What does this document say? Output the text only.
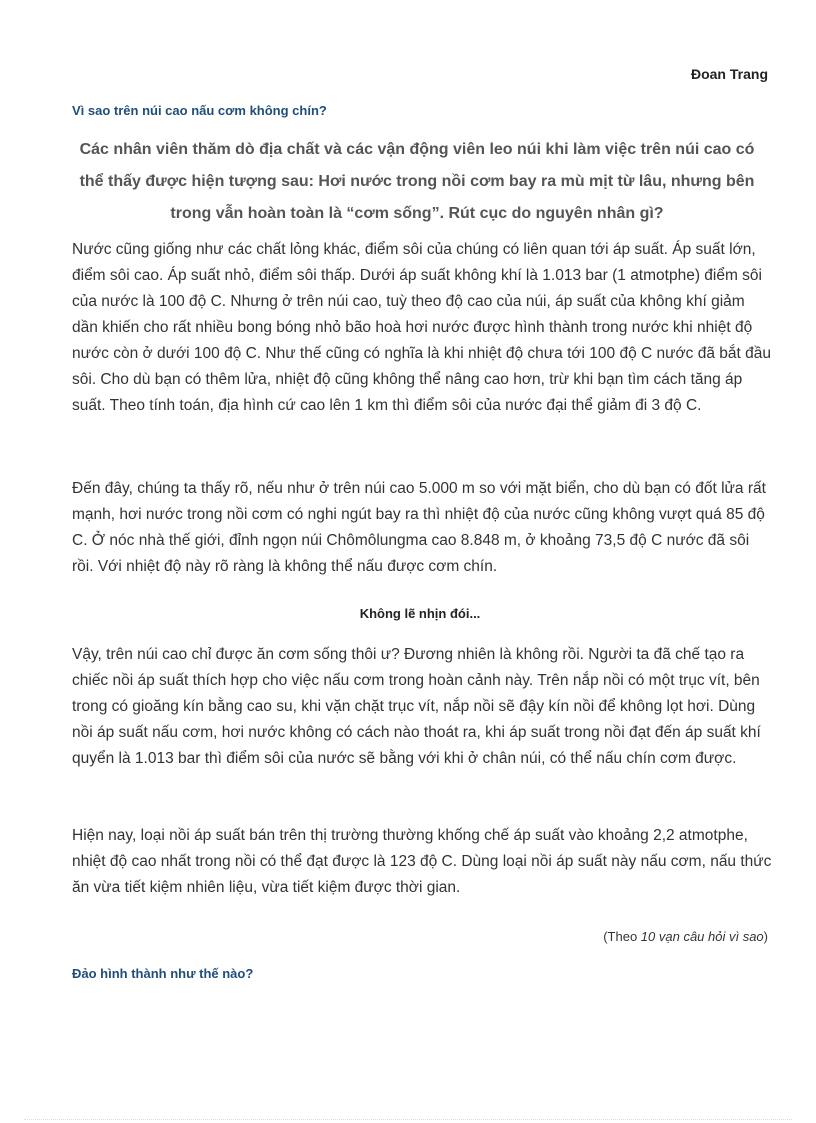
Đoan Trang
Vì sao trên núi cao nấu cơm không chín?
Các nhân viên thăm dò địa chất và các vận động viên leo núi khi làm việc trên núi cao có thể thấy được hiện tượng sau: Hơi nước trong nồi cơm bay ra mù mịt từ lâu, nhưng bên trong vẫn hoàn toàn là “cơm sống”. Rút cục do nguyên nhân gì?
Nước cũng giống như các chất lỏng khác, điểm sôi của chúng có liên quan tới áp suất. Áp suất lớn, điểm sôi cao. Áp suất nhỏ, điểm sôi thấp. Dưới áp suất không khí là 1.013 bar (1 atmotphe) điểm sôi của nước là 100 độ C. Nhưng ở trên núi cao, tuỳ theo độ cao của núi, áp suất của không khí giảm dần khiến cho rất nhiều bong bóng nhỏ bão hoà hơi nước được hình thành trong nước khi nhiệt độ nước còn ở dưới 100 độ C. Như thế cũng có nghĩa là khi nhiệt độ chưa tới 100 độ C nước đã bắt đầu sôi. Cho dù bạn có thêm lửa, nhiệt độ cũng không thể nâng cao hơn, trừ khi bạn tìm cách tăng áp suất. Theo tính toán, địa hình cứ cao lên 1 km thì điểm sôi của nước đại thể giảm đi 3 độ C.
Đến đây, chúng ta thấy rõ, nếu như ở trên núi cao 5.000 m so với mặt biển, cho dù bạn có đốt lửa rất mạnh, hơi nước trong nồi cơm có nghi ngút bay ra thì nhiệt độ của nước cũng không vượt quá 85 độ C. Ở nóc nhà thế giới, đỉnh ngọn núi Chômôlungma cao 8.848 m, ở khoảng 73,5 độ C nước đã sôi rồi. Với nhiệt độ này rõ ràng là không thể nấu được cơm chín.
Không lẽ nhịn đói...
Vậy, trên núi cao chỉ được ăn cơm sống thôi ư? Đương nhiên là không rồi. Người ta đã chế tạo ra chiếc nồi áp suất thích hợp cho việc nấu cơm trong hoàn cảnh này. Trên nắp nồi có một trục vít, bên trong có gioăng kín bằng cao su, khi vặn chặt trục vít, nắp nồi sẽ đậy kín nồi để không lọt hơi. Dùng nồi áp suất nấu cơm, hơi nước không có cách nào thoát ra, khi áp suất trong nồi đạt đến áp suất khí quyển là 1.013 bar thì điểm sôi của nước sẽ bằng với khi ở chân núi, có thể nấu chín cơm được.
Hiện nay, loại nồi áp suất bán trên thị trường thường khống chế áp suất vào khoảng 2,2 atmotphe, nhiệt độ cao nhất trong nồi có thể đạt được là 123 độ C. Dùng loại nồi áp suất này nấu cơm, nấu thức ăn vừa tiết kiệm nhiên liệu, vừa tiết kiệm được thời gian.
(Theo 10 vạn câu hỏi vì sao)
Đảo hình thành như thế nào?
